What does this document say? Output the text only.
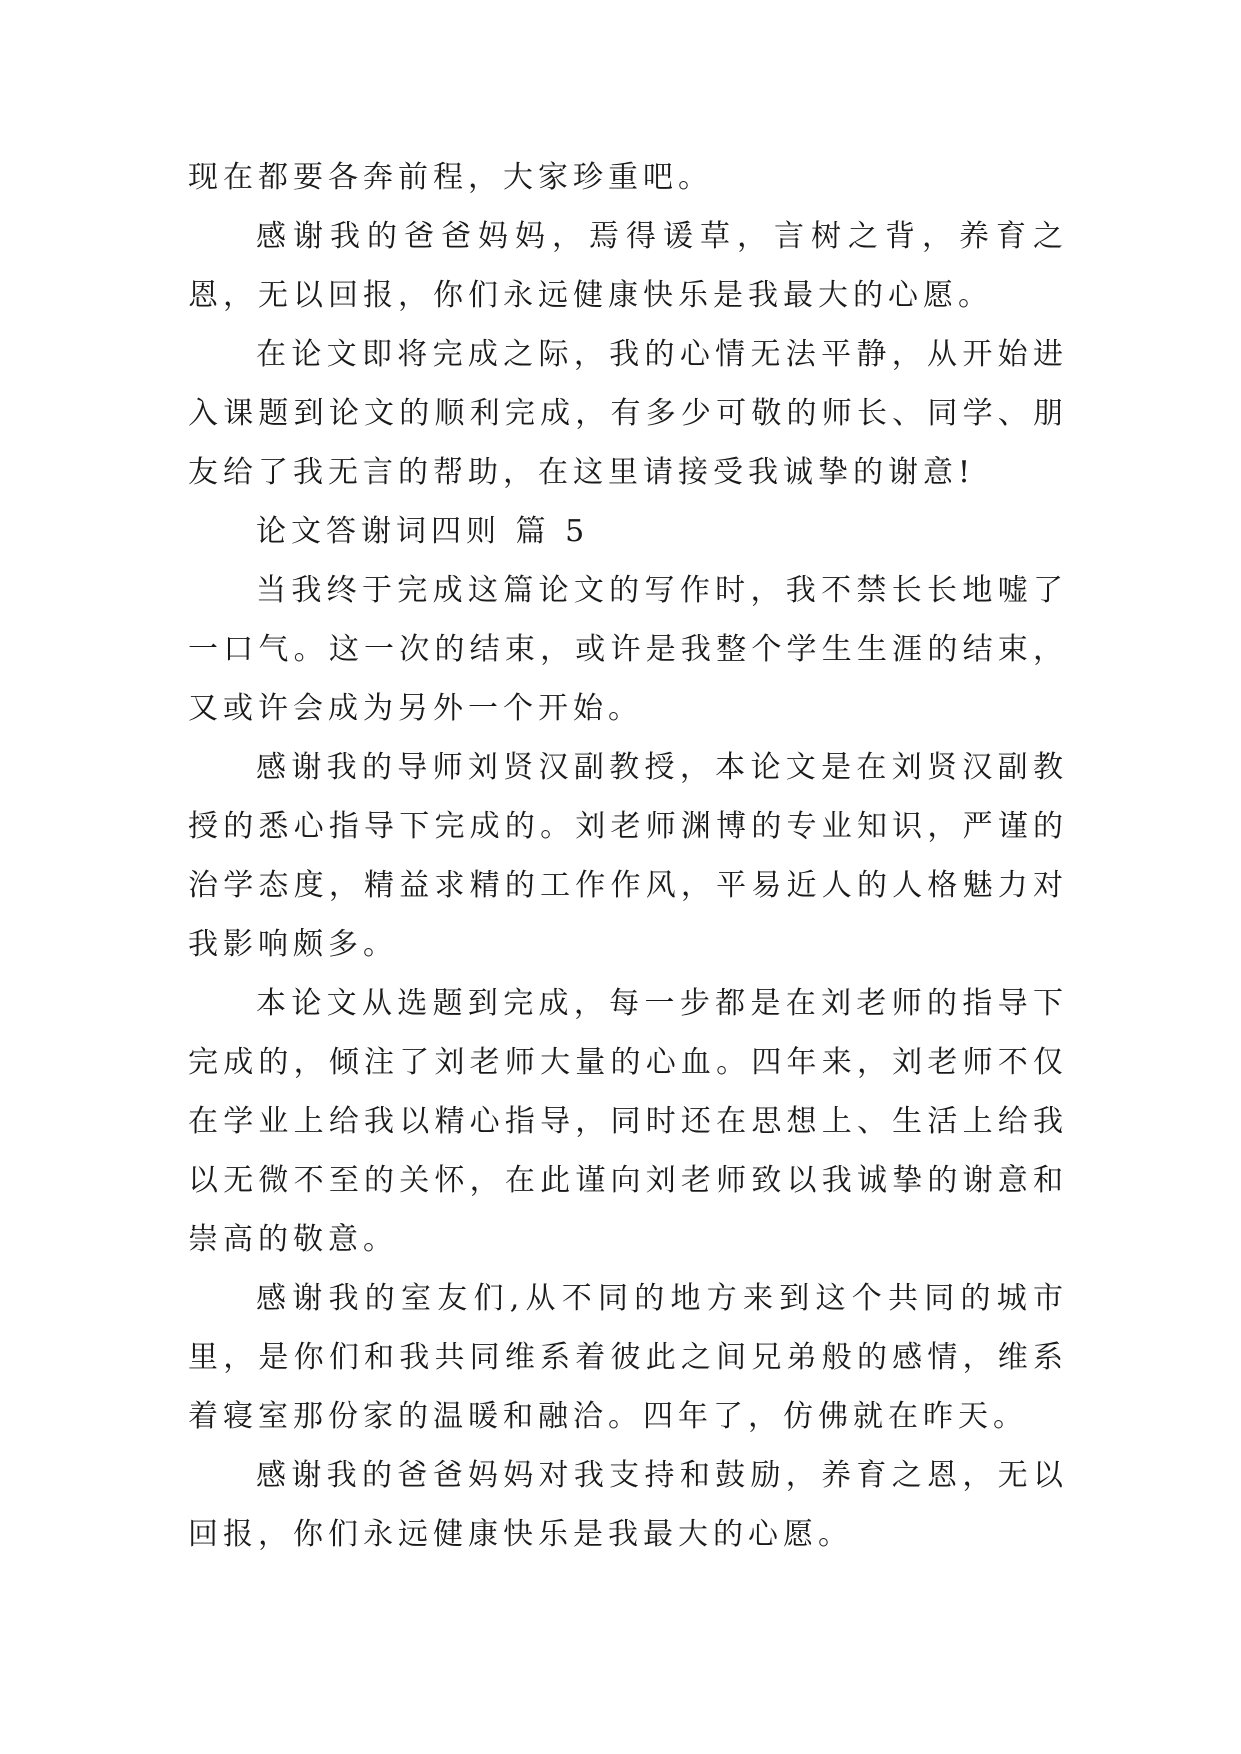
现在都要各奔前程，大家珍重吧。

感谢我的爸爸妈妈，焉得谖草，言树之背，养育之恩，无以回报，你们永远健康快乐是我最大的心愿。

在论文即将完成之际，我的心情无法平静，从开始进入课题到论文的顺利完成，有多少可敬的师长、同学、朋友给了我无言的帮助，在这里请接受我诚挚的谢意!

论文答谢词四则 篇 5

当我终于完成这篇论文的写作时，我不禁长长地嘘了一口气。这一次的结束，或许是我整个学生生涯的结束，又或许会成为另外一个开始。

感谢我的导师刘贤汉副教授，本论文是在刘贤汉副教授的悉心指导下完成的。刘老师渊博的专业知识，严谨的治学态度，精益求精的工作作风，平易近人的人格魅力对我影响颇多。

本论文从选题到完成，每一步都是在刘老师的指导下完成的，倾注了刘老师大量的心血。四年来，刘老师不仅在学业上给我以精心指导，同时还在思想上、生活上给我以无微不至的关怀，在此谨向刘老师致以我诚挚的谢意和崇高的敬意。

感谢我的室友们,从不同的地方来到这个共同的城市里，是你们和我共同维系着彼此之间兄弟般的感情，维系着寝室那份家的温暖和融洽。四年了，仿佛就在昨天。

感谢我的爸爸妈妈对我支持和鼓励，养育之恩，无以回报，你们永远健康快乐是我最大的心愿。
